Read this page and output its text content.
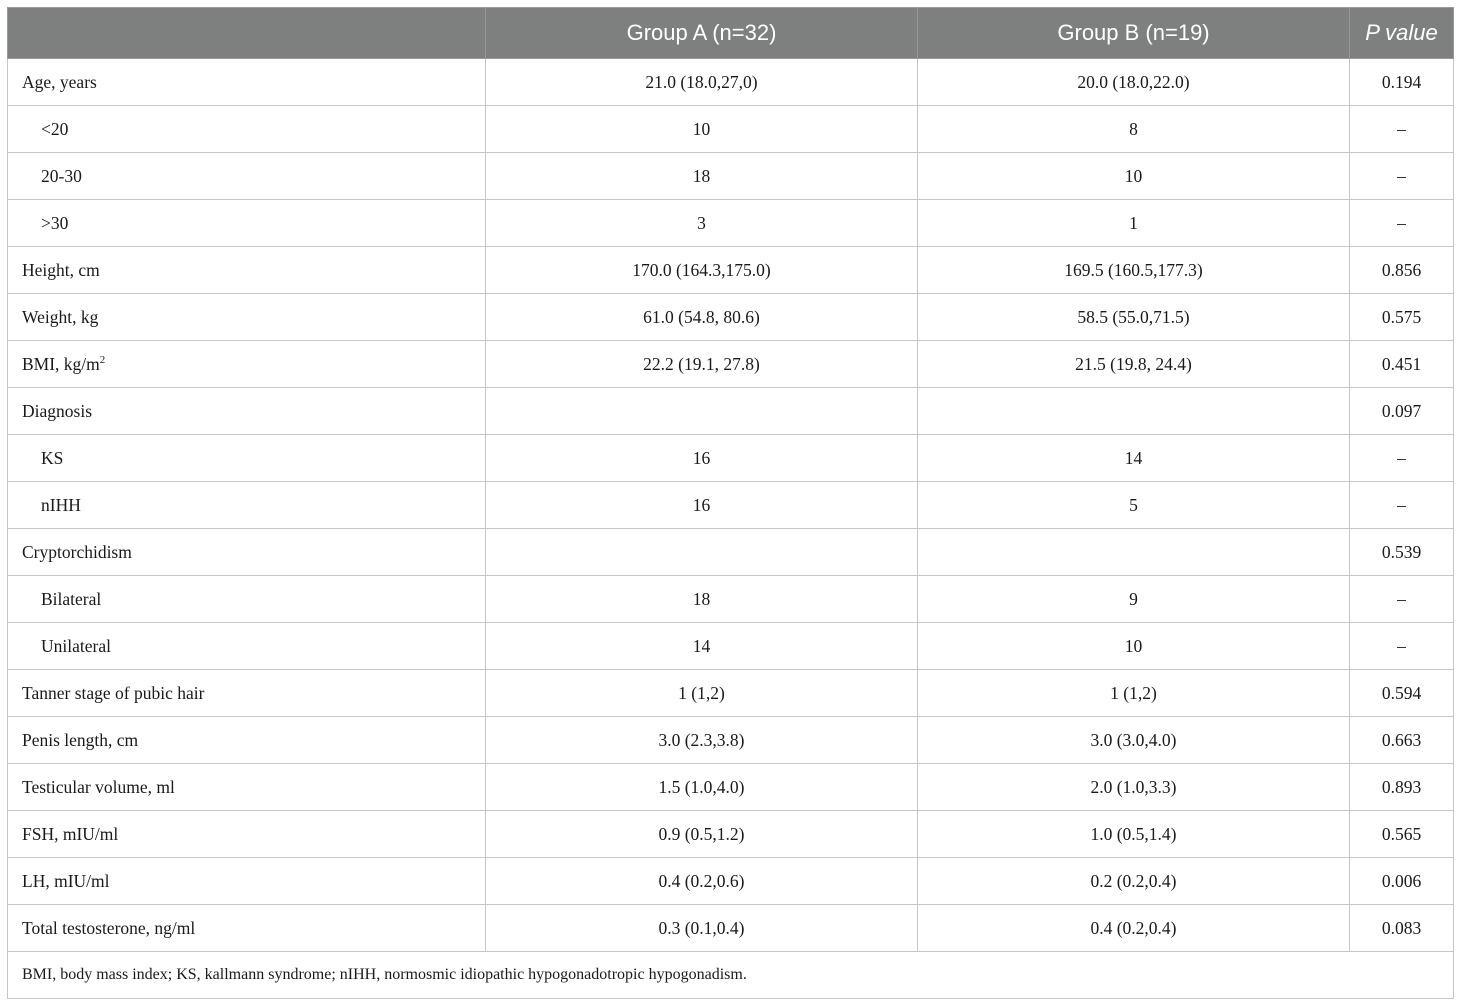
	Group A (n=32)	Group B (n=19)	P value
Age, years	21.0 (18.0,27,0)	20.0 (18.0,22.0)	0.194
<20	10	8	–
20-30	18	10	–
>30	3	1	–
Height, cm	170.0 (164.3,175.0)	169.5 (160.5,177.3)	0.856
Weight, kg	61.0 (54.8, 80.6)	58.5 (55.0,71.5)	0.575
BMI, $kg/m^2$	22.2 (19.1, 27.8)	21.5 (19.8, 24.4)	0.451
Diagnosis			0.097
KS	16	14	–
nIHH	16	5	–
Cryptorchidism			0.539
Bilateral	18	9	–
Unilateral	14	10	–
Tanner stage of pubic hair	1 (1,2)	1 (1,2)	0.594
Penis length, cm	3.0 (2.3,3.8)	3.0 (3.0,4.0)	0.663
Testicular volume, ml	1.5 (1.0,4.0)	2.0 (1.0,3.3)	0.893
FSH, mIU/ml	0.9 (0.5,1.2)	1.0 (0.5,1.4)	0.565
LH, mIU/ml	0.4 (0.2,0.6)	0.2 (0.2,0.4)	0.006
Total testosterone, ng/ml	0.3 (0.1,0.4)	0.4 (0.2,0.4)	0.083
BMI, body mass index; KS, kallmann syndrome; nIHH, normosmic idiopathic hypogonadotropic hypogonadism.			
